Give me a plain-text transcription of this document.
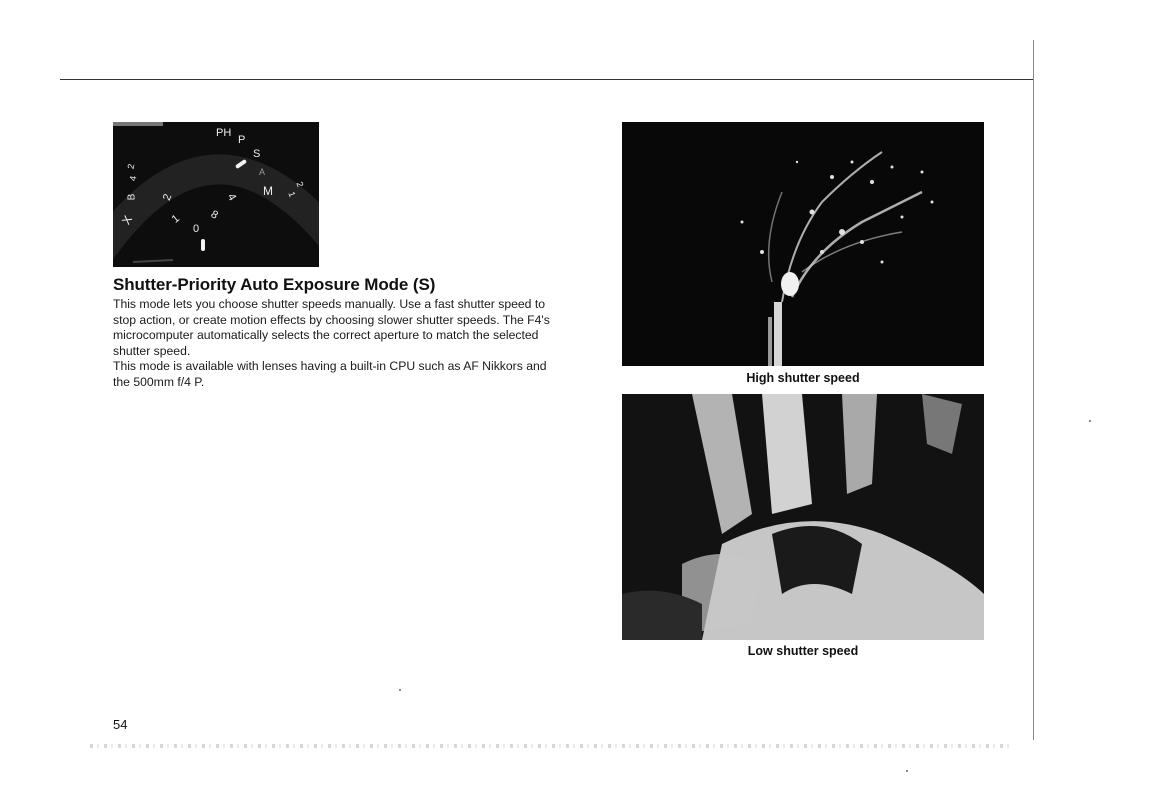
PH
P
S
A
M
0
1
2	4
8
2
1
2
4
B
X
Shutter-Priority Auto Exposure Mode (S)

This mode lets you choose shutter speeds manually. Use a fast shutter speed to stop action, or create motion effects by choosing slower shutter speeds. The F4's microcomputer automatically selects the correct aperture to match the selected shutter speed.

This mode is available with lenses having a built-in CPU such as AF Nikkors and the 500mm f/4 P.	High shutter speed
Low shutter speed
54
